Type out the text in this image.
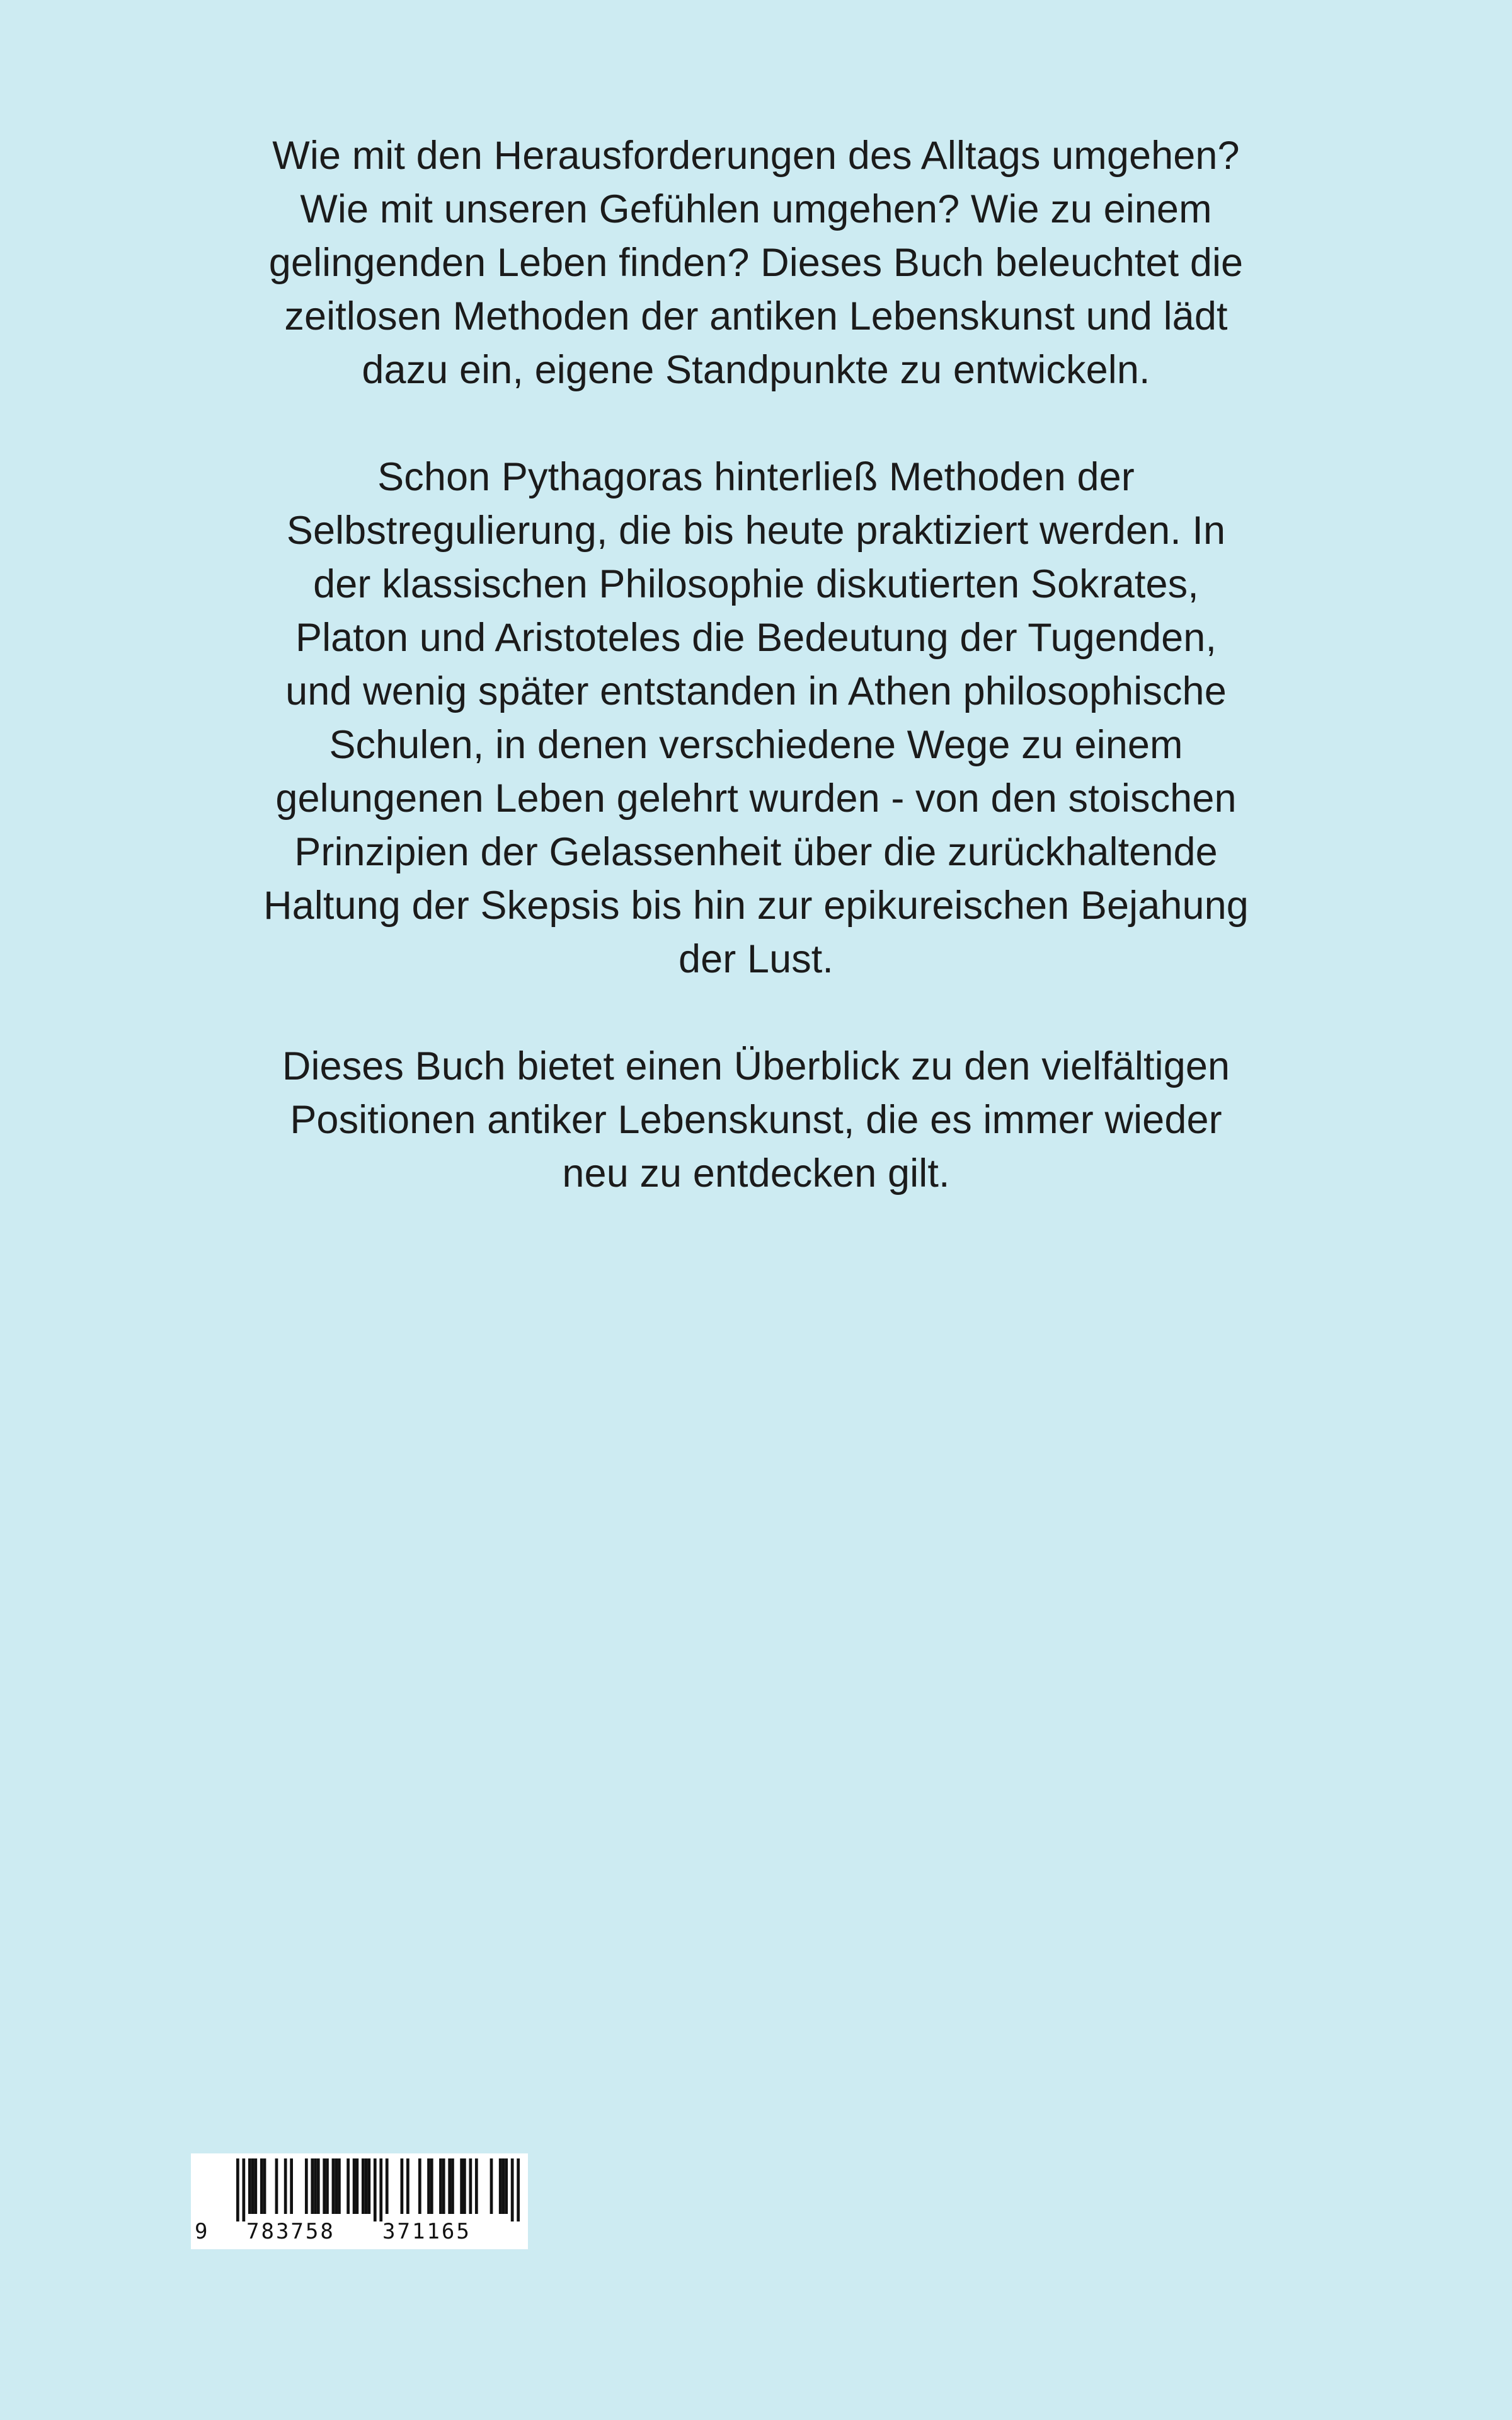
Wie mit den Herausforderungen des Alltags umgehen?
Wie mit unseren Gefühlen umgehen? Wie zu einem
gelingenden Leben finden? Dieses Buch beleuchtet die
zeitlosen Methoden der antiken Lebenskunst und lädt
dazu ein, eigene Standpunkte zu entwickeln.

Schon Pythagoras hinterließ Methoden der
Selbstregulierung, die bis heute praktiziert werden. In
der klassischen Philosophie diskutierten Sokrates,
Platon und Aristoteles die Bedeutung der Tugenden,
und wenig später entstanden in Athen philosophische
Schulen, in denen verschiedene Wege zu einem
gelungenen Leben gelehrt wurden - von den stoischen
Prinzipien der Gelassenheit über die zurückhaltende
Haltung der Skepsis bis hin zur epikureischen Bejahung
der Lust.

Dieses Buch bietet einen Überblick zu den vielfältigen
Positionen antiker Lebenskunst, die es immer wieder
neu zu entdecken gilt.

9 783758 371165
